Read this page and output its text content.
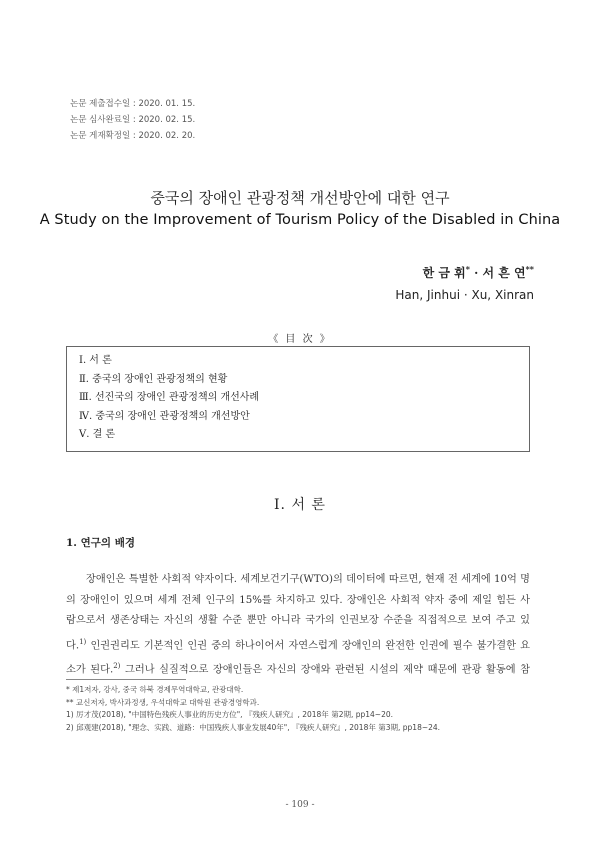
논문 제출접수일 : 2020. 01. 15.
논문 심사완료일 : 2020. 02. 15.
논문 게재확정일 : 2020. 02. 20.
중국의 장애인 관광정책 개선방안에 대한 연구
A Study on the Improvement of Tourism Policy of the Disabled in China
한 금 휘* · 서 흔 연**
Han, Jinhui · Xu, Xinran
《 目 次 》
Ⅰ. 서 론
Ⅱ. 중국의 장애인 관광정책의 현황
Ⅲ. 선진국의 장애인 관광정책의 개선사례
Ⅳ. 중국의 장애인 관광정책의 개선방안
Ⅴ. 결 론
Ⅰ. 서 론
1. 연구의 배경
장애인은 특별한 사회적 약자이다. 세계보건기구(WTO)의 데이터에 따르면, 현재 전 세계에 10억 명
의 장애인이 있으며 세계 전체 인구의 15%를 차지하고 있다. 장애인은 사회적 약자 중에 제일 힘든 사
람으로서 생존상태는 자신의 생활 수준 뿐만 아니라 국가의 인권보장 수준을 직접적으로 보여 주고 있
다.$^{1)}$ 인권권리도 기본적인 인권 중의 하나이어서 자연스럽게 장애인의 완전한 인권에 필수 불가결한 요
소가 된다.$^{2)}$ 그러나 실질적으로 장애인들은 자신의 장애와 관련된 시설의 제약 때문에 관광 활동에 참
* 제1저자, 강사, 중국 하북 경제무역대학교, 관광대학.
** 교신저자, 박사과정생, 우석대학교 대학원 관광경영학과.
1) 厉才茂(2018), "中国特色残疾人事业的历史方位", 『残疾人研究』, 2018年 第2期, pp14~20.
2) 邱观建(2018), "理念、实践、道路：中国残疾人事业发展40年", 『残疾人研究』, 2018年 第3期, pp18~24.
- 109 -
